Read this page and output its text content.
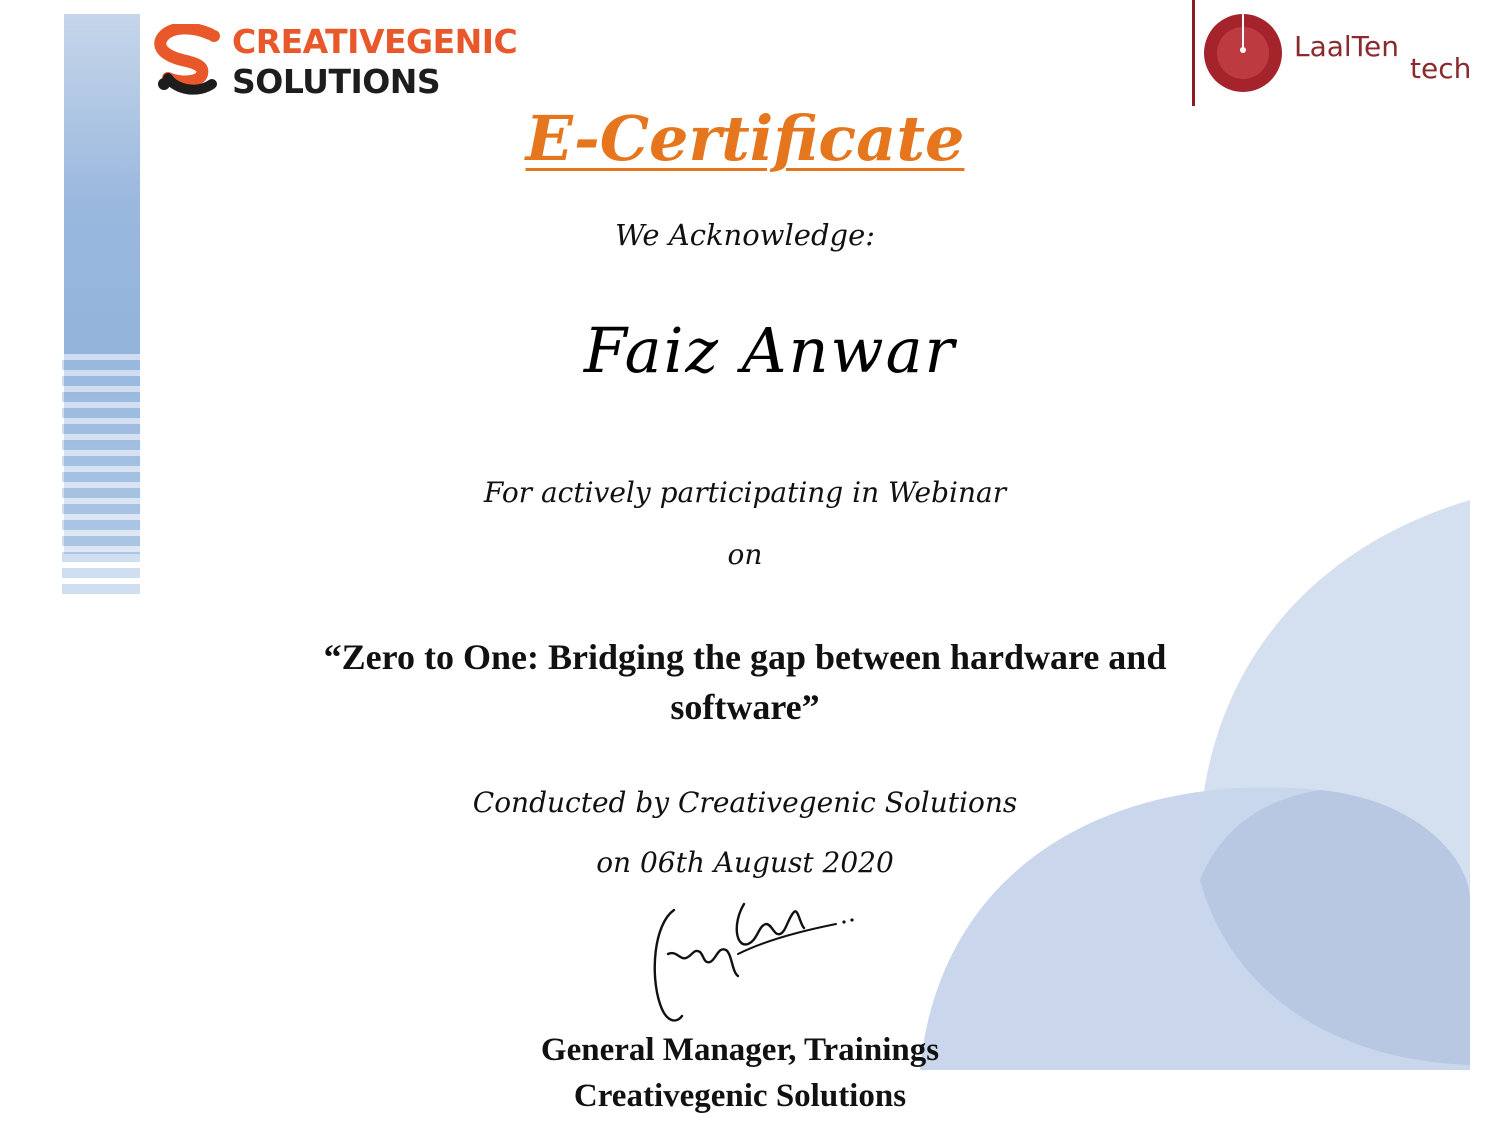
CREATIVEGENIC
SOLUTIONS
LaalTen
tech
E-Certificate
We Acknowledge:
Faiz Anwar
For actively participating in Webinar
on
“Zero to One: Bridging the gap between hardware and software”
Conducted by Creativegenic Solutions
on 06th August 2020
General Manager, Trainings
Creativegenic Solutions
